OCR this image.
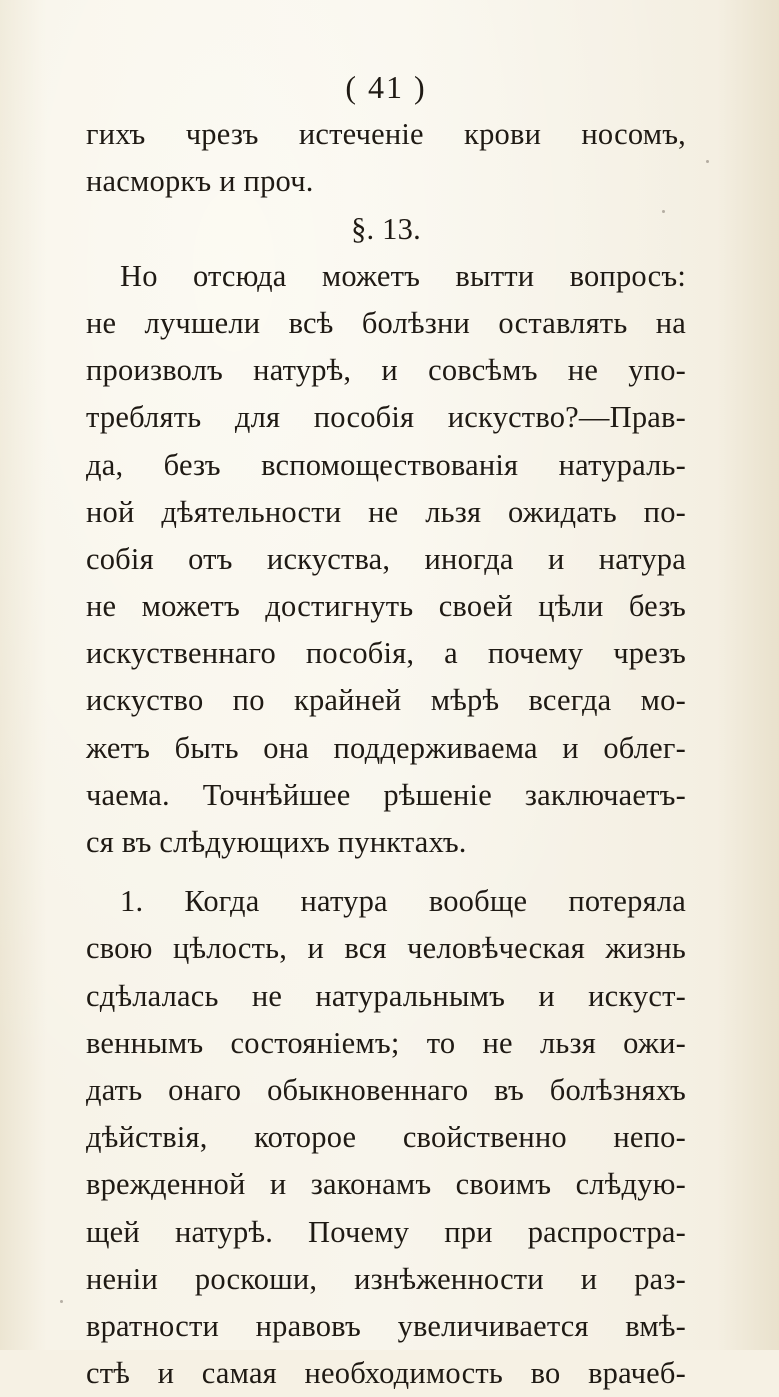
( 41 )
гихъ чрезъ истеченіе крови носомъ,
насморкъ и проч.
§. 13.
Но отсюда можетъ вытти вопросъ:
не лучшели всѣ болѣзни оставлять на
произволъ натурѣ, и совсѣмъ не упо-
треблять для пособія искуство?—Прав-
да, безъ вспомоществованія натураль-
ной дѣятельности не льзя ожидать по-
собія отъ искуства, иногда и натура
не можетъ достигнуть своей цѣли безъ
искуственнаго пособія, а почему чрезъ
искуство по крайней мѣрѣ всегда мо-
жетъ быть она поддерживаема и облег-
чаема. Точнѣйшее рѣшеніе заключаетъ-
ся въ слѣдующихъ пунктахъ.
1. Когда натура вообще потеряла
свою цѣлость, и вся человѣческая жизнь
сдѣлалась не натуральнымъ и искуст-
веннымъ состояніемъ; то не льзя ожи-
дать онаго обыкновеннаго въ болѣзняхъ
дѣйствія, которое свойственно непо-
врежденной и законамъ своимъ слѣдую-
щей натурѣ. Почему при распростра-
неніи роскоши, изнѣженности и раз-
вратности нравовъ увеличивается вмѣ-
стѣ и самая необходимость во врачеб-
